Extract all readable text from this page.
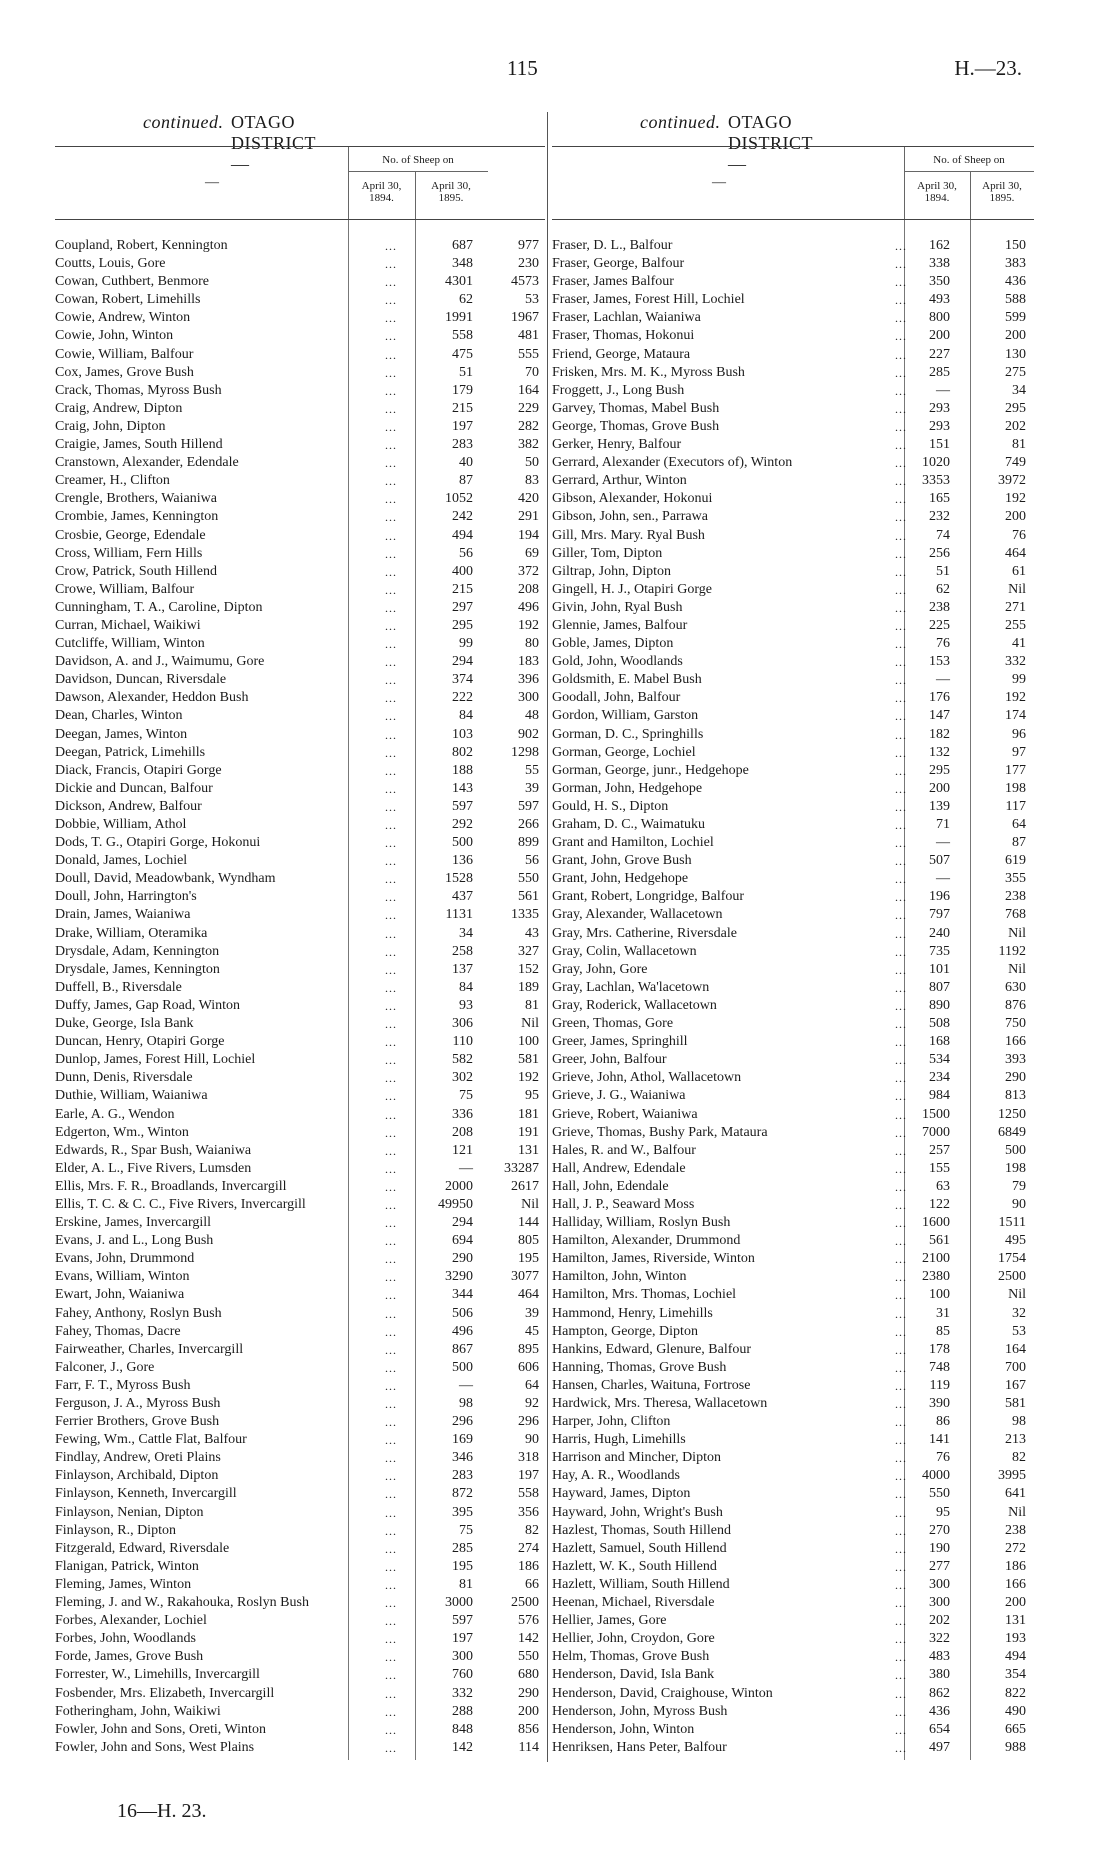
115	H.—23.
OTAGO DISTRICT—
continued.
—
No. of Sheep on
April 30,
1894.
April 30,
1895.
Coupland, Robert, Kennington	...	687	977
Coutts, Louis, Gore	...	348	230
Cowan, Cuthbert, Benmore	...	4301	4573
Cowan, Robert, Limehills	...	62	53
Cowie, Andrew, Winton	...	1991	1967
Cowie, John, Winton	...	558	481
Cowie, William, Balfour	...	475	555
Cox, James, Grove Bush	...	51	70
Crack, Thomas, Myross Bush	...	179	164
Craig, Andrew, Dipton	...	215	229
Craig, John, Dipton	...	197	282
Craigie, James, South Hillend	...	283	382
Cranstown, Alexander, Edendale	...	40	50
Creamer, H., Clifton	...	87	83
Crengle, Brothers, Waianiwa	...	1052	420
Crombie, James, Kennington	...	242	291
Crosbie, George, Edendale	...	494	194
Cross, William, Fern Hills	...	56	69
Crow, Patrick, South Hillend	...	400	372
Crowe, William, Balfour	...	215	208
Cunningham, T. A., Caroline, Dipton	...	297	496
Curran, Michael, Waikiwi	...	295	192
Cutcliffe, William, Winton	...	99	80
Davidson, A. and J., Waimumu, Gore	...	294	183
Davidson, Duncan, Riversdale	...	374	396
Dawson, Alexander, Heddon Bush	...	222	300
Dean, Charles, Winton	...	84	48
Deegan, James, Winton	...	103	902
Deegan, Patrick, Limehills	...	802	1298
Diack, Francis, Otapiri Gorge	...	188	55
Dickie and Duncan, Balfour	...	143	39
Dickson, Andrew, Balfour	...	597	597
Dobbie, William, Athol	...	292	266
Dods, T. G., Otapiri Gorge, Hokonui	...	500	899
Donald, James, Lochiel	...	136	56
Doull, David, Meadowbank, Wyndham	...	1528	550
Doull, John, Harrington's	...	437	561
Drain, James, Waianiwa	...	1131	1335
Drake, William, Oteramika	...	34	43
Drysdale, Adam, Kennington	...	258	327
Drysdale, James, Kennington	...	137	152
Duffell, B., Riversdale	...	84	189
Duffy, James, Gap Road, Winton	...	93	81
Duke, George, Isla Bank	...	306	Nil
Duncan, Henry, Otapiri Gorge	...	110	100
Dunlop, James, Forest Hill, Lochiel	...	582	581
Dunn, Denis, Riversdale	...	302	192
Duthie, William, Waianiwa	...	75	95
Earle, A. G., Wendon	...	336	181
Edgerton, Wm., Winton	...	208	191
Edwards, R., Spar Bush, Waianiwa	...	121	131
Elder, A. L., Five Rivers, Lumsden	...	—	33287
Ellis, Mrs. F. R., Broadlands, Invercargill	...	2000	2617
Ellis, T. C. & C. C., Five Rivers, Invercargill	...	49950	Nil
Erskine, James, Invercargill	...	294	144
Evans, J. and L., Long Bush	...	694	805
Evans, John, Drummond	...	290	195
Evans, William, Winton	...	3290	3077
Ewart, John, Waianiwa	...	344	464
Fahey, Anthony, Roslyn Bush	...	506	39
Fahey, Thomas, Dacre	...	496	45
Fairweather, Charles, Invercargill	...	867	895
Falconer, J., Gore	...	500	606
Farr, F. T., Myross Bush	...	—	64
Ferguson, J. A., Myross Bush	...	98	92
Ferrier Brothers, Grove Bush	...	296	296
Fewing, Wm., Cattle Flat, Balfour	...	169	90
Findlay, Andrew, Oreti Plains	...	346	318
Finlayson, Archibald, Dipton	...	283	197
Finlayson, Kenneth, Invercargill	...	872	558
Finlayson, Nenian, Dipton	...	395	356
Finlayson, R., Dipton	...	75	82
Fitzgerald, Edward, Riversdale	...	285	274
Flanigan, Patrick, Winton	...	195	186
Fleming, James, Winton	...	81	66
Fleming, J. and W., Rakahouka, Roslyn Bush	...	3000	2500
Forbes, Alexander, Lochiel	...	597	576
Forbes, John, Woodlands	...	197	142
Forde, James, Grove Bush	...	300	550
Forrester, W., Limehills, Invercargill	...	760	680
Fosbender, Mrs. Elizabeth, Invercargill	...	332	290
Fotheringham, John, Waikiwi	...	288	200
Fowler, John and Sons, Oreti, Winton	...	848	856
Fowler, John and Sons, West Plains	...	142	114
OTAGO DISTRICT—
continued.
—
No. of Sheep on
April 30,
1894.
April 30,
1895.
Fraser, D. L., Balfour	...	162	150
Fraser, George, Balfour	...	338	383
Fraser, James Balfour	...	350	436
Fraser, James, Forest Hill, Lochiel	...	493	588
Fraser, Lachlan, Waianiwa	...	800	599
Fraser, Thomas, Hokonui	...	200	200
Friend, George, Mataura	...	227	130
Frisken, Mrs. M. K., Myross Bush	...	285	275
Froggett, J., Long Bush	...	—	34
Garvey, Thomas, Mabel Bush	...	293	295
George, Thomas, Grove Bush	...	293	202
Gerker, Henry, Balfour	...	151	81
Gerrard, Alexander (Executors of), Winton	...	1020	749
Gerrard, Arthur, Winton	...	3353	3972
Gibson, Alexander, Hokonui	...	165	192
Gibson, John, sen., Parrawa	...	232	200
Gill, Mrs. Mary. Ryal Bush	...	74	76
Giller, Tom, Dipton	...	256	464
Giltrap, John, Dipton	...	51	61
Gingell, H. J., Otapiri Gorge	...	62	Nil
Givin, John, Ryal Bush	...	238	271
Glennie, James, Balfour	...	225	255
Goble, James, Dipton	...	76	41
Gold, John, Woodlands	...	153	332
Goldsmith, E. Mabel Bush	...	—	99
Goodall, John, Balfour	...	176	192
Gordon, William, Garston	...	147	174
Gorman, D. C., Springhills	...	182	96
Gorman, George, Lochiel	...	132	97
Gorman, George, junr., Hedgehope	...	295	177
Gorman, John, Hedgehope	...	200	198
Gould, H. S., Dipton	...	139	117
Graham, D. C., Waimatuku	...	71	64
Grant and Hamilton, Lochiel	...	—	87
Grant, John, Grove Bush	...	507	619
Grant, John, Hedgehope	...	—	355
Grant, Robert, Longridge, Balfour	...	196	238
Gray, Alexander, Wallacetown	...	797	768
Gray, Mrs. Catherine, Riversdale	...	240	Nil
Gray, Colin, Wallacetown	...	735	1192
Gray, John, Gore	...	101	Nil
Gray, Lachlan, Wa'lacetown	...	807	630
Gray, Roderick, Wallacetown	...	890	876
Green, Thomas, Gore	...	508	750
Greer, James, Springhill	...	168	166
Greer, John, Balfour	...	534	393
Grieve, John, Athol, Wallacetown	...	234	290
Grieve, J. G., Waianiwa	...	984	813
Grieve, Robert, Waianiwa	...	1500	1250
Grieve, Thomas, Bushy Park, Mataura	...	7000	6849
Hales, R. and W., Balfour	...	257	500
Hall, Andrew, Edendale	...	155	198
Hall, John, Edendale	...	63	79
Hall, J. P., Seaward Moss	...	122	90
Halliday, William, Roslyn Bush	...	1600	1511
Hamilton, Alexander, Drummond	...	561	495
Hamilton, James, Riverside, Winton	...	2100	1754
Hamilton, John, Winton	...	2380	2500
Hamilton, Mrs. Thomas, Lochiel	...	100	Nil
Hammond, Henry, Limehills	...	31	32
Hampton, George, Dipton	...	85	53
Hankins, Edward, Glenure, Balfour	...	178	164
Hanning, Thomas, Grove Bush	...	748	700
Hansen, Charles, Waituna, Fortrose	...	119	167
Hardwick, Mrs. Theresa, Wallacetown	...	390	581
Harper, John, Clifton	...	86	98
Harris, Hugh, Limehills	...	141	213
Harrison and Mincher, Dipton	...	76	82
Hay, A. R., Woodlands	...	4000	3995
Hayward, James, Dipton	...	550	641
Hayward, John, Wright's Bush	...	95	Nil
Hazlest, Thomas, South Hillend	...	270	238
Hazlett, Samuel, South Hillend	...	190	272
Hazlett, W. K., South Hillend	...	277	186
Hazlett, William, South Hillend	...	300	166
Heenan, Michael, Riversdale	...	300	200
Hellier, James, Gore	...	202	131
Hellier, John, Croydon, Gore	...	322	193
Helm, Thomas, Grove Bush	...	483	494
Henderson, David, Isla Bank	...	380	354
Henderson, David, Craighouse, Winton	...	862	822
Henderson, John, Myross Bush	...	436	490
Henderson, John, Winton	...	654	665
Henriksen, Hans Peter, Balfour	...	497	988
16—H. 23.
